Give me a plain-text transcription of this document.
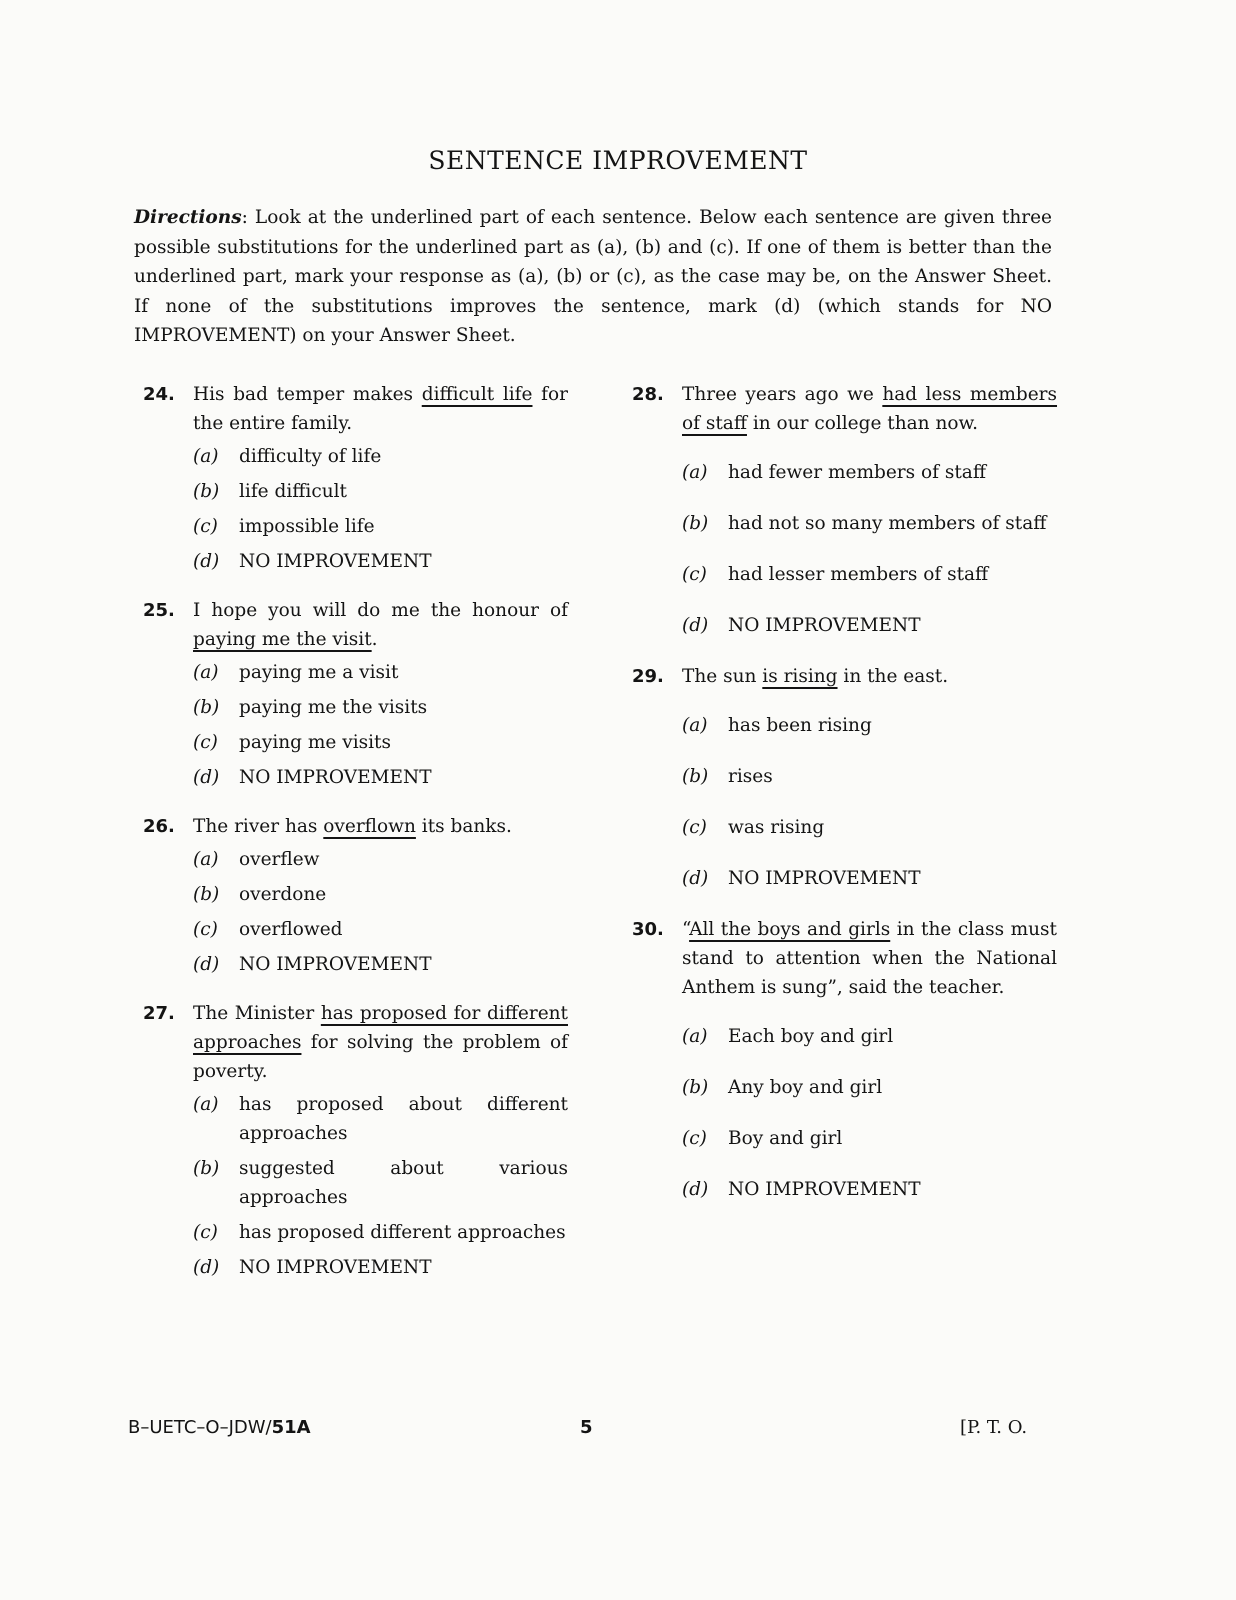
SENTENCE IMPROVEMENT
Directions: Look at the underlined part of each sentence. Below each sentence are given three possible substitutions for the underlined part as (a), (b) and (c). If one of them is better than the underlined part, mark your response as (a), (b) or (c), as the case may be, on the Answer Sheet. If none of the substitutions improves the sentence, mark (d) (which stands for NO IMPROVEMENT) on your Answer Sheet.
24. His bad temper makes difficult life for the entire family.
(a)	difficulty of life
(b)	life difficult
(c)	impossible life
(d)	NO IMPROVEMENT
25. I hope you will do me the honour of paying me the visit.
(a)	paying me a visit
(b)	paying me the visits
(c)	paying me visits
(d)	NO IMPROVEMENT
26. The river has overflown its banks.
(a)	overflew
(b)	overdone
(c)	overflowed
(d)	NO IMPROVEMENT
27. The Minister has proposed for different approaches for solving the problem of poverty.
(a)	has proposed about different approaches
(b)	suggested about various approaches
(c)	has proposed different approaches
(d)	NO IMPROVEMENT
28. Three years ago we had less members of staff in our college than now.
(a)	had fewer members of staff
(b)	had not so many members of staff
(c)	had lesser members of staff
(d)	NO IMPROVEMENT
29. The sun is rising in the east.
(a)	has been rising
(b)	rises
(c)	was rising
(d)	NO IMPROVEMENT
30. “All the boys and girls in the class must stand to attention when the National Anthem is sung”, said the teacher.
(a)	Each boy and girl
(b)	Any boy and girl
(c)	Boy and girl
(d)	NO IMPROVEMENT
B–UETC–O–JDW/51A	5	[P. T. O.
